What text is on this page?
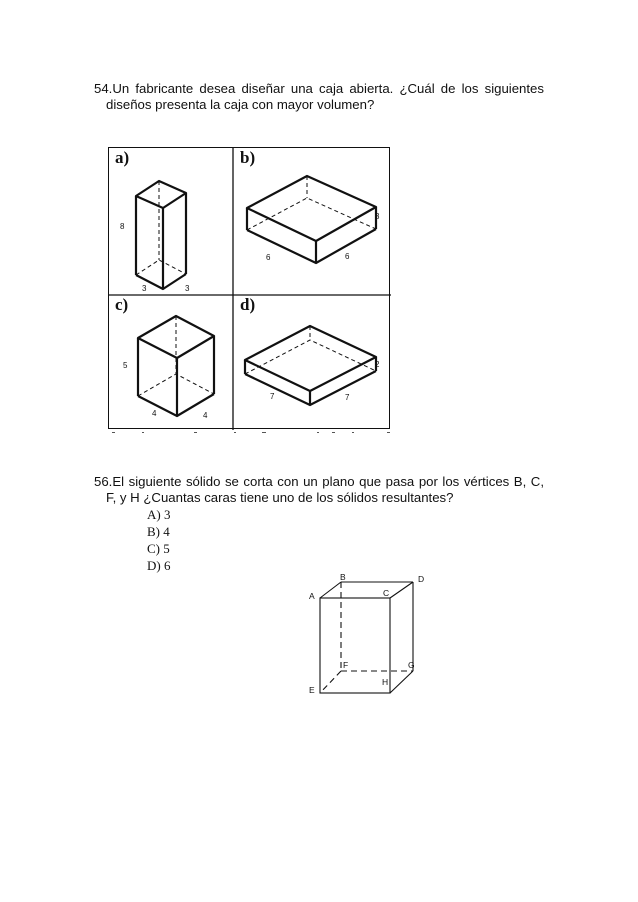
54.Un fabricante desea diseñar una caja abierta. ¿Cuál de los siguientes
diseños presenta la caja con mayor volumen?
8
3	3
3
6	6
5
4	4
2
7	7
a)	b)
c)	d)
56.El siguiente sólido se corta con un plano que pasa por los vértices B, C,
F, y H ¿Cuantas caras tiene uno de los sólidos resultantes?
A) 3
B) 4
C) 5
D) 6
A
B
C
D
E
F	G
H
